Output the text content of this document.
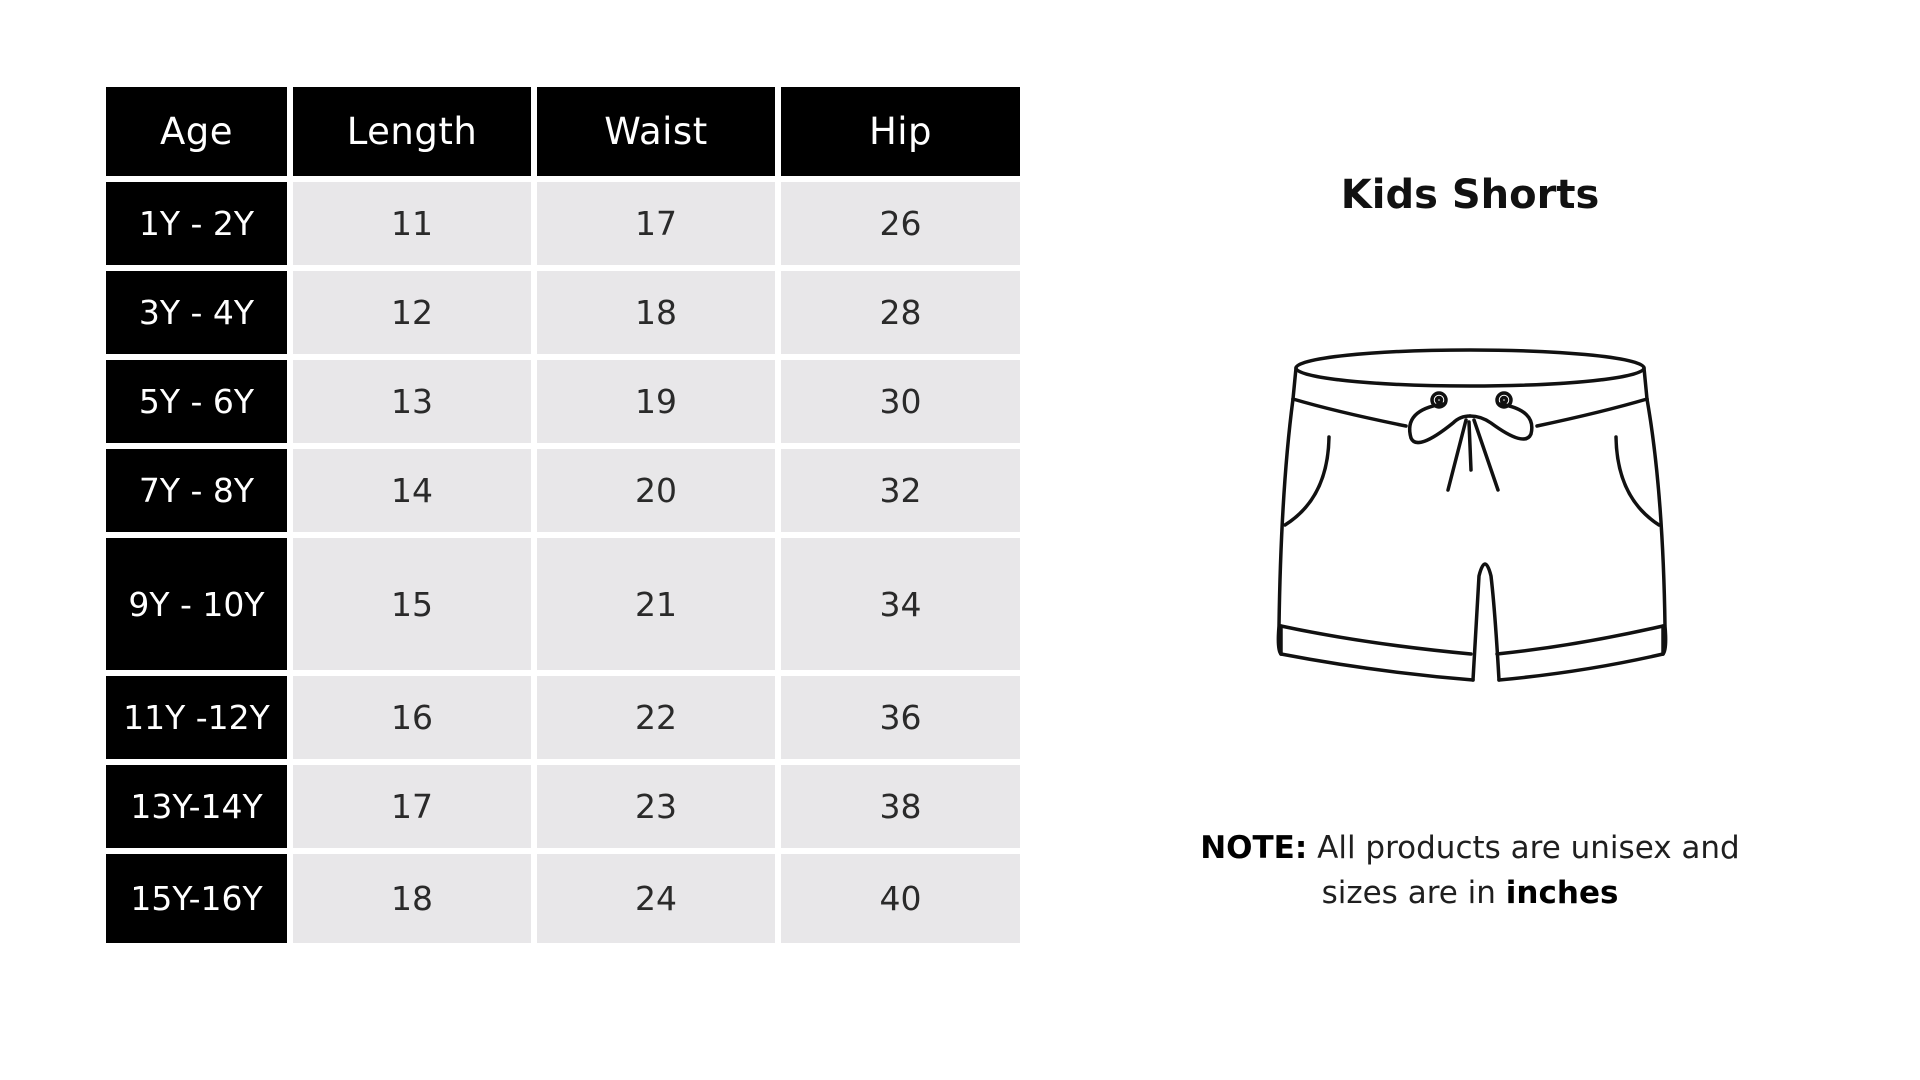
Age	Length	Waist	Hip
1Y - 2Y	11	17	26
3Y - 4Y	12	18	28
5Y - 6Y	13	19	30
7Y - 8Y	14	20	32
9Y - 10Y	15	21	34
11Y -12Y	16	22	36
13Y-14Y	17	23	38
15Y-16Y	18	24	40
Kids Shorts
NOTE: All products are unisex and sizes are in inches
